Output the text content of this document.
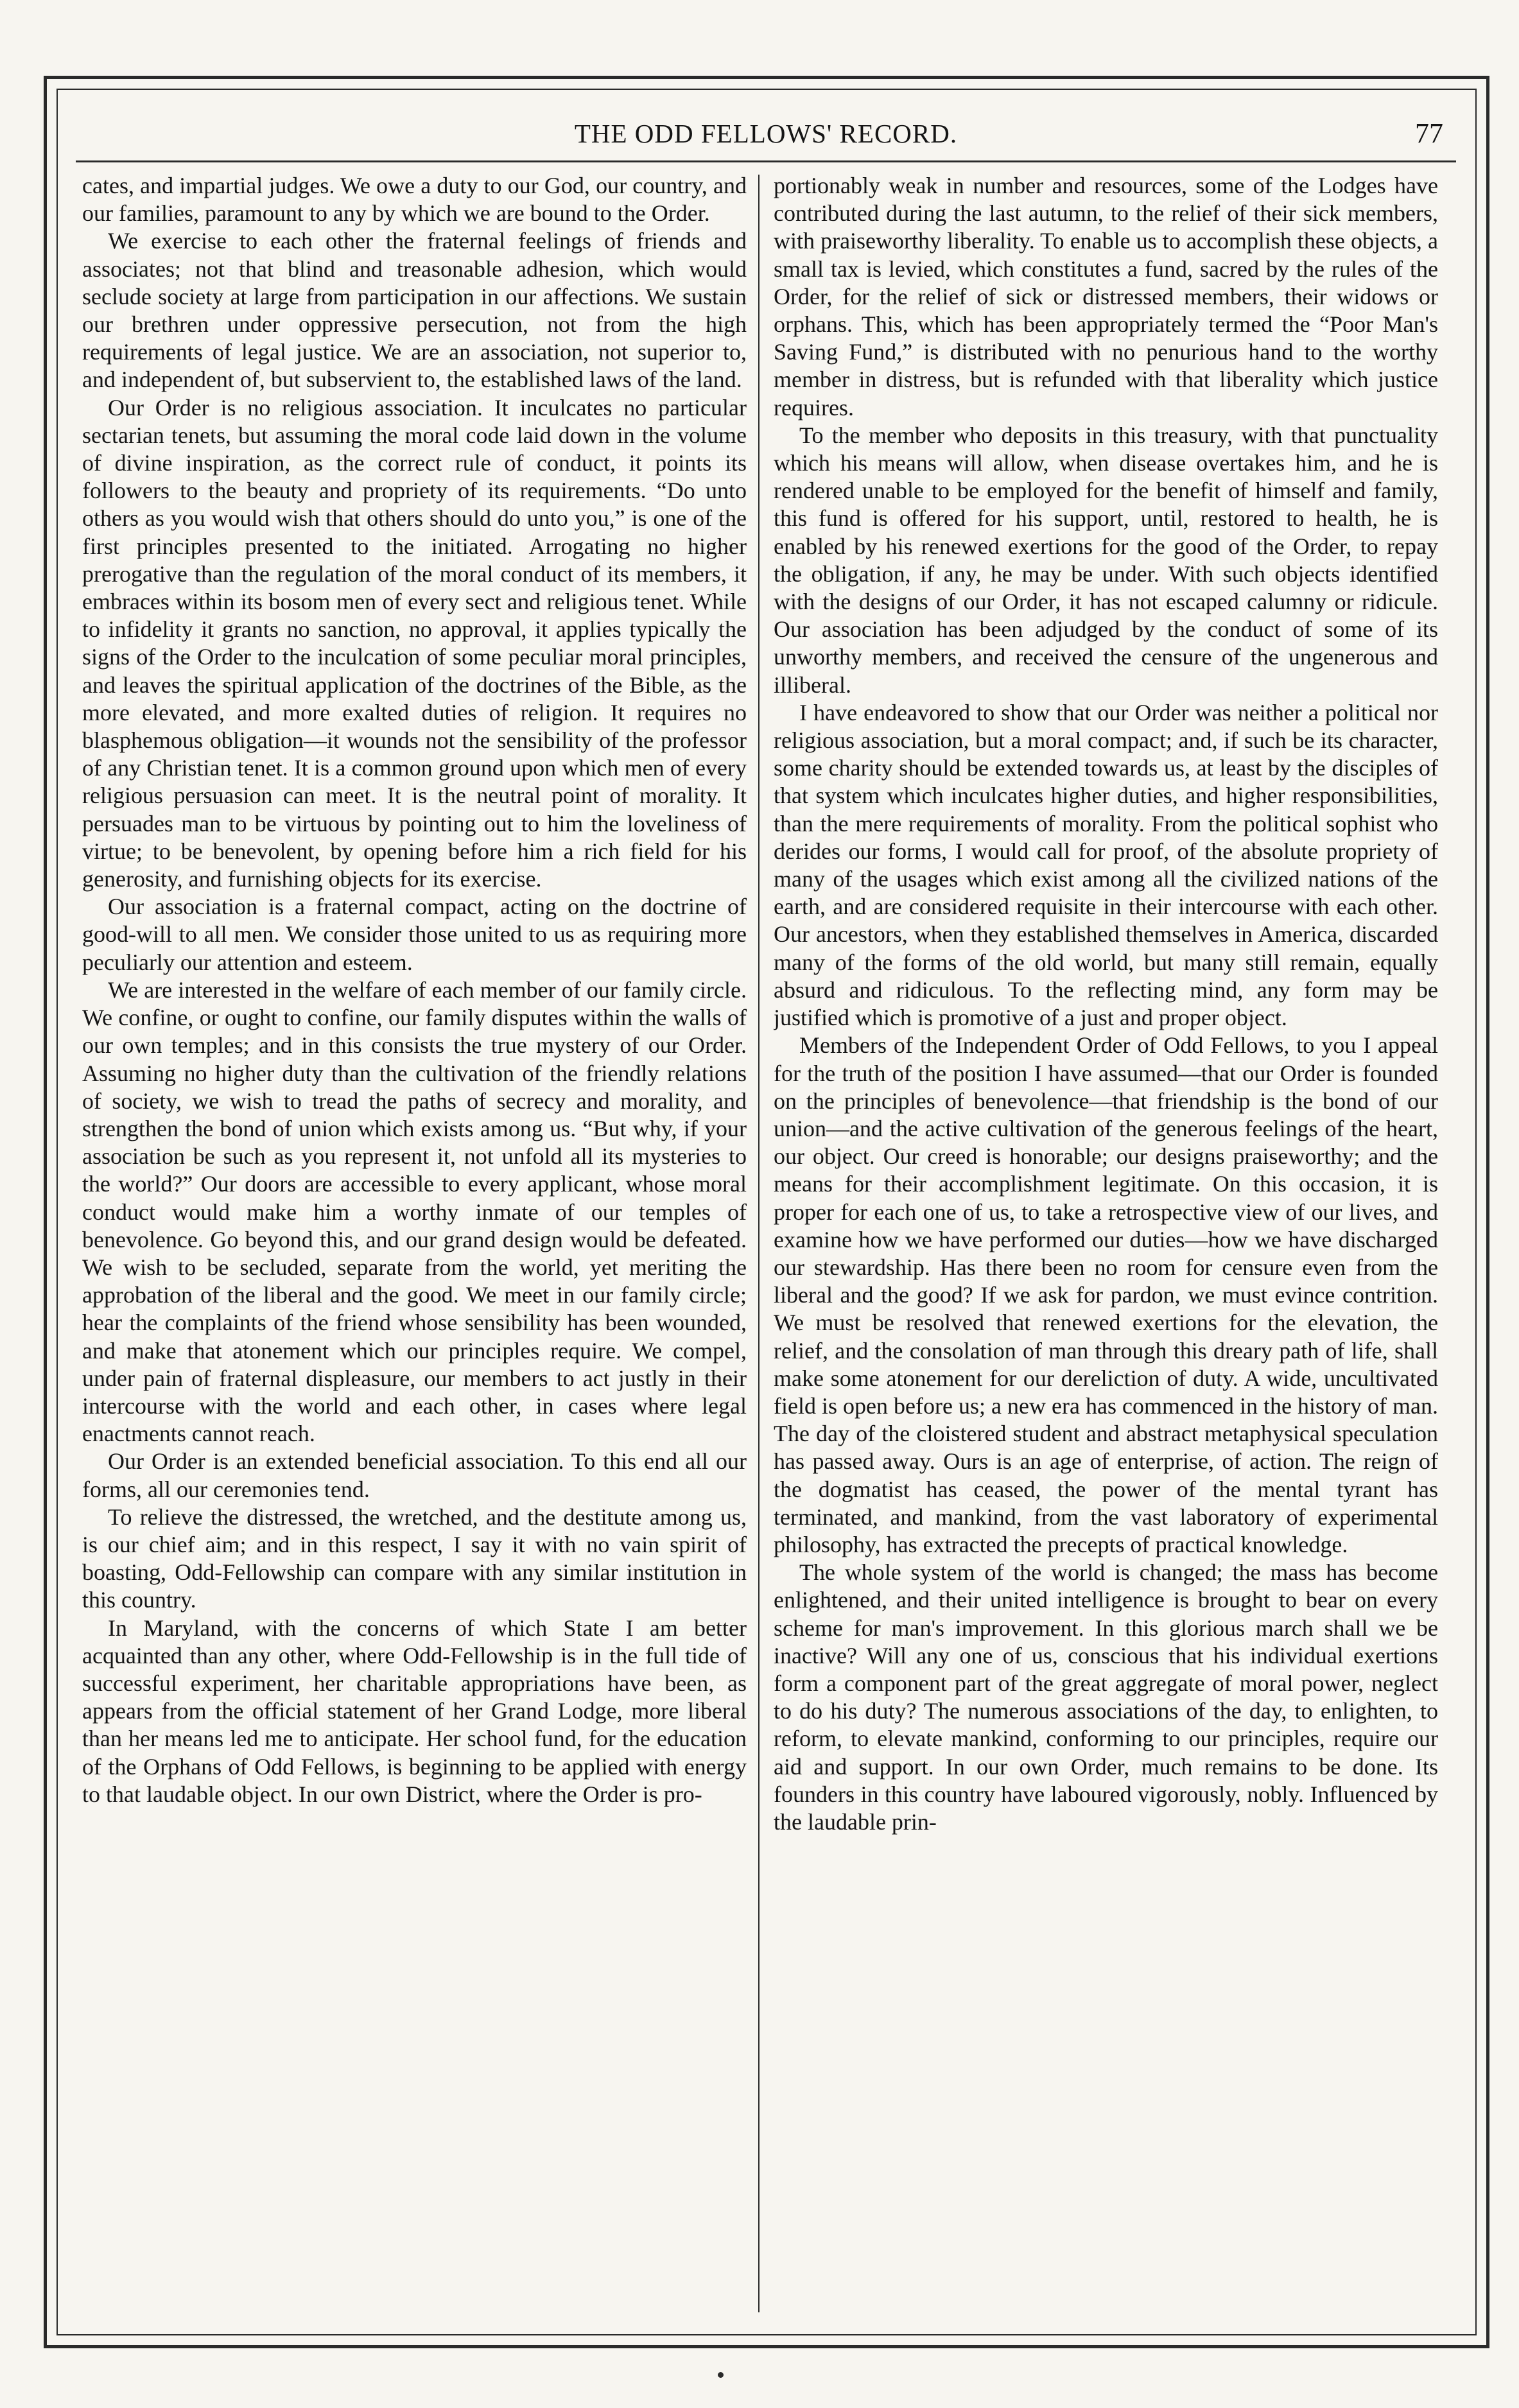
THE ODD FELLOWS' RECORD.	77

cates, and impartial judges. We owe a duty to our God, our country, and our families, paramount to any by which we are bound to the Order.

We exercise to each other the fraternal feelings of friends and associates; not that blind and treasonable adhesion, which would seclude society at large from participation in our affections. We sustain our brethren under oppressive persecution, not from the high requirements of legal justice. We are an association, not superior to, and independent of, but subservient to, the established laws of the land.

Our Order is no religious association. It inculcates no particular sectarian tenets, but assuming the moral code laid down in the volume of divine inspiration, as the correct rule of conduct, it points its followers to the beauty and propriety of its requirements. “Do unto others as you would wish that others should do unto you,” is one of the first principles presented to the initiated. Arrogating no higher prerogative than the regulation of the moral conduct of its members, it embraces within its bosom men of every sect and religious tenet. While to infidelity it grants no sanction, no approval, it applies typically the signs of the Order to the inculcation of some peculiar moral principles, and leaves the spiritual application of the doctrines of the Bible, as the more elevated, and more exalted duties of religion. It requires no blasphemous obligation—it wounds not the sensibility of the professor of any Christian tenet. It is a common ground upon which men of every religious persuasion can meet. It is the neutral point of morality. It persuades man to be virtuous by pointing out to him the loveliness of virtue; to be benevolent, by opening before him a rich field for his generosity, and furnishing objects for its exercise.

Our association is a fraternal compact, acting on the doctrine of good-will to all men. We consider those united to us as requiring more peculiarly our attention and esteem.

We are interested in the welfare of each member of our family circle. We confine, or ought to confine, our family disputes within the walls of our own temples; and in this consists the true mystery of our Order. Assuming no higher duty than the cultivation of the friendly relations of society, we wish to tread the paths of secrecy and morality, and strengthen the bond of union which exists among us. “But why, if your association be such as you represent it, not unfold all its mysteries to the world?” Our doors are accessible to every applicant, whose moral conduct would make him a worthy inmate of our temples of benevolence. Go beyond this, and our grand design would be defeated. We wish to be secluded, separate from the world, yet meriting the approbation of the liberal and the good. We meet in our family circle; hear the complaints of the friend whose sensibility has been wounded, and make that atonement which our principles require. We compel, under pain of fraternal displeasure, our members to act justly in their intercourse with the world and each other, in cases where legal enactments cannot reach.

Our Order is an extended beneficial association. To this end all our forms, all our ceremonies tend.

To relieve the distressed, the wretched, and the destitute among us, is our chief aim; and in this respect, I say it with no vain spirit of boasting, Odd-Fellowship can compare with any similar institution in this country.

In Maryland, with the concerns of which State I am better acquainted than any other, where Odd-Fellowship is in the full tide of successful experiment, her charitable appropriations have been, as appears from the official statement of her Grand Lodge, more liberal than her means led me to anticipate. Her school fund, for the education of the Orphans of Odd Fellows, is beginning to be applied with energy to that laudable object. In our own District, where the Order is pro-

portionably weak in number and resources, some of the Lodges have contributed during the last autumn, to the relief of their sick members, with praiseworthy liberality. To enable us to accomplish these objects, a small tax is levied, which constitutes a fund, sacred by the rules of the Order, for the relief of sick or distressed members, their widows or orphans. This, which has been appropriately termed the “Poor Man's Saving Fund,” is distributed with no penurious hand to the worthy member in distress, but is refunded with that liberality which justice requires.

To the member who deposits in this treasury, with that punctuality which his means will allow, when disease overtakes him, and he is rendered unable to be employed for the benefit of himself and family, this fund is offered for his support, until, restored to health, he is enabled by his renewed exertions for the good of the Order, to repay the obligation, if any, he may be under. With such objects identified with the designs of our Order, it has not escaped calumny or ridicule. Our association has been adjudged by the conduct of some of its unworthy members, and received the censure of the ungenerous and illiberal.

I have endeavored to show that our Order was neither a political nor religious association, but a moral compact; and, if such be its character, some charity should be extended towards us, at least by the disciples of that system which inculcates higher duties, and higher responsibilities, than the mere requirements of morality. From the political sophist who derides our forms, I would call for proof, of the absolute propriety of many of the usages which exist among all the civilized nations of the earth, and are considered requisite in their intercourse with each other. Our ancestors, when they established themselves in America, discarded many of the forms of the old world, but many still remain, equally absurd and ridiculous. To the reflecting mind, any form may be justified which is promotive of a just and proper object.

Members of the Independent Order of Odd Fellows, to you I appeal for the truth of the position I have assumed—that our Order is founded on the principles of benevolence—that friendship is the bond of our union—and the active cultivation of the generous feelings of the heart, our object. Our creed is honorable; our designs praiseworthy; and the means for their accomplishment legitimate. On this occasion, it is proper for each one of us, to take a retrospective view of our lives, and examine how we have performed our duties—how we have discharged our stewardship. Has there been no room for censure even from the liberal and the good? If we ask for pardon, we must evince contrition. We must be resolved that renewed exertions for the elevation, the relief, and the consolation of man through this dreary path of life, shall make some atonement for our dereliction of duty. A wide, uncultivated field is open before us; a new era has commenced in the history of man. The day of the cloistered student and abstract metaphysical speculation has passed away. Ours is an age of enterprise, of action. The reign of the dogmatist has ceased, the power of the mental tyrant has terminated, and mankind, from the vast laboratory of experimental philosophy, has extracted the precepts of practical knowledge.

The whole system of the world is changed; the mass has become enlightened, and their united intelligence is brought to bear on every scheme for man's improvement. In this glorious march shall we be inactive? Will any one of us, conscious that his individual exertions form a component part of the great aggregate of moral power, neglect to do his duty? The numerous associations of the day, to enlighten, to reform, to elevate mankind, conforming to our principles, require our aid and support. In our own Order, much remains to be done. Its founders in this country have laboured vigorously, nobly. Influenced by the laudable prin-
